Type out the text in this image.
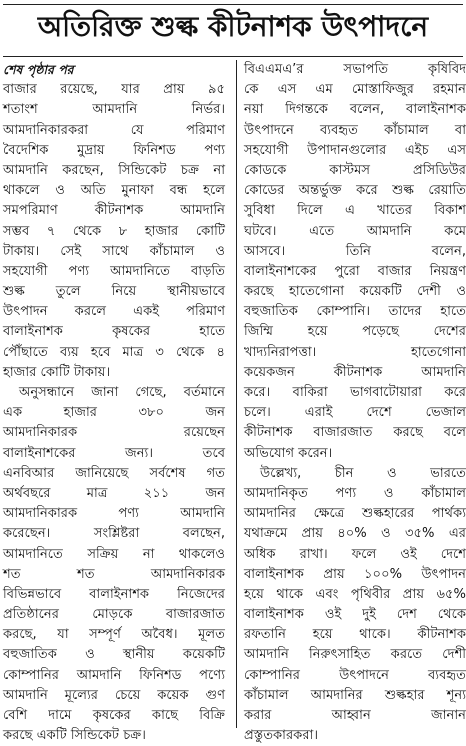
অতিরিক্ত শুল্ক কীটনাশক উৎপাদনে
শেষ পৃষ্ঠার পর
বাজার রয়েছে, যার প্রায় ৯৫
শতাংশ আমদানি নির্ভর।
আমদানিকারকরা যে পরিমাণ
বৈদেশিক মুদ্রায় ফিনিশড পণ্য
আমদানি করছেন, সিন্ডিকেট চক্র না
থাকলে ও অতি মুনাফা বন্ধ হলে
সমপরিমাণ কীটনাশক আমদানি
সম্ভব ৭ থেকে ৮ হাজার কোটি
টাকায়। সেই সাথে কাঁচামাল ও
সহযোগী পণ্য আমদানিতে বাড়তি
শুল্ক তুলে নিয়ে স্থানীয়ভাবে
উৎপাদন করলে একই পরিমাণ
বালাইনাশক কৃষকের হাতে
পৌঁছাতে ব্যয় হবে মাত্র ৩ থেকে ৪
হাজার কোটি টাকায়।
অনুসন্ধানে জানা গেছে, বর্তমানে
এক হাজার ৩৮০ জন
আমদানিকারক রয়েছেন
বালাইনাশকের জন্য। তবে
এনবিআর জানিয়েছে সর্বশেষ গত
অর্থবছরে মাত্র ২১১ জন
আমদানিকারক পণ্য আমদানি
করেছেন। সংশ্লিষ্টরা বলছেন,
আমদানিতে সক্রিয় না থাকলেও
শত শত আমদানিকারক
বিভিন্নভাবে বালাইনাশক নিজেদের
প্রতিষ্ঠানের মোড়কে বাজারজাত
করছে, যা সম্পূর্ণ অবৈধ। মূলত
বহুজাতিক ও স্থানীয় কয়েকটি
কোম্পানির আমদানি ফিনিশড পণ্যে
আমদানি মূল্যের চেয়ে কয়েক গুণ
বেশি দামে কৃষকের কাছে বিক্রি
করছে একটি সিন্ডিকেট চক্র।
বিএএমএ’র সভাপতি কৃষিবিদ
কে এস এম মোস্তাফিজুর রহমান
নয়া দিগন্তকে বলেন, বালাইনাশক
উৎপাদনে ব্যবহৃত কাঁচামাল বা
সহযোগী উপাদানগুলোর এইচ এস
কোডকে কাস্টমস প্রসিডিউর
কোডের অন্তর্ভুক্ত করে শুল্ক রেয়াতি
সুবিধা দিলে এ খাতের বিকাশ
ঘটবে। এতে আমদানি কমে
আসবে। তিনি বলেন,
বালাইনাশকের পুরো বাজার নিয়ন্ত্রণ
করছে হাতেগোনা কয়েকটি দেশী ও
বহুজাতিক কোম্পানি। তাদের হাতে
জিম্মি হয়ে পড়েছে দেশের
খাদ্যনিরাপত্তা। হাতেগোনা
কয়েকজন কীটনাশক আমদানি
করে। বাকিরা ভাগবাটোয়ারা করে
চলে। এরাই দেশে ভেজাল
কীটনাশক বাজারজাত করছে বলে
অভিযোগ করেন।
উল্লেখ্য, চীন ও ভারতে
আমদানিকৃত পণ্য ও কাঁচামাল
আমদানির ক্ষেত্রে শুল্কহারের পার্থক্য
যথাক্রমে প্রায় ৪০% ও ৩৫% এর
অধিক রাখা। ফলে ওই দেশে
বালাইনাশক প্রায় ১০০% উৎপাদন
হয়ে থাকে এবং পৃথিবীর প্রায় ৬৫%
বালাইনাশক ওই দুই দেশ থেকে
রফতানি হয়ে থাকে। কীটনাশক
আমদানি নিরুৎসাহিত করতে দেশী
কোম্পানির উৎপাদনে ব্যবহৃত
কাঁচামাল আমদানির শুল্কহার শূন্য
করার আহ্বান জানান
প্রস্তুতকারকরা।
